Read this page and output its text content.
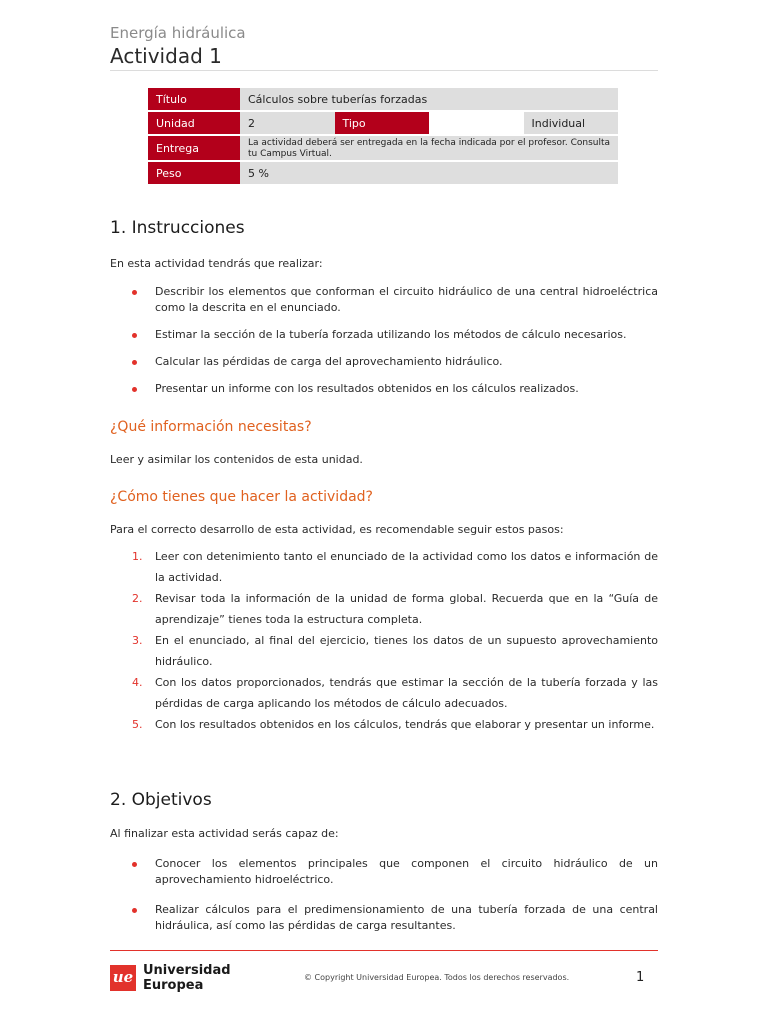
Energía hidráulica
Actividad 1
Título	Cálculos sobre tuberías forzadas			
Unidad	2	Tipo		Individual
Entrega	La actividad deberá ser entregada en la fecha indicada por el profesor. Consulta tu Campus Virtual.			
Peso	5 %			
1. Instrucciones
En esta actividad tendrás que realizar:
Describir los elementos que conforman el circuito hidráulico de una central hidroeléctrica como la descrita en el enunciado.
Estimar la sección de la tubería forzada utilizando los métodos de cálculo necesarios.
Calcular las pérdidas de carga del aprovechamiento hidráulico.
Presentar un informe con los resultados obtenidos en los cálculos realizados.
¿Qué información necesitas?
Leer y asimilar los contenidos de esta unidad.
¿Cómo tienes que hacer la actividad?
Para el correcto desarrollo de esta actividad, es recomendable seguir estos pasos:
1. Leer con detenimiento tanto el enunciado de la actividad como los datos e información de la actividad.
2. Revisar toda la información de la unidad de forma global. Recuerda que en la “Guía de aprendizaje” tienes toda la estructura completa.
3. En el enunciado, al final del ejercicio, tienes los datos de un supuesto aprovechamiento hidráulico.
4. Con los datos proporcionados, tendrás que estimar la sección de la tubería forzada y las pérdidas de carga aplicando los métodos de cálculo adecuados.
5. Con los resultados obtenidos en los cálculos, tendrás que elaborar y presentar un informe.
2. Objetivos
Al finalizar esta actividad serás capaz de:
Conocer los elementos principales que componen el circuito hidráulico de un aprovechamiento hidroeléctrico.
Realizar cálculos para el predimensionamiento de una tubería forzada de una central hidráulica, así como las pérdidas de carga resultantes.
ue Universidad
Europea
© Copyright Universidad Europea. Todos los derechos reservados.	1
